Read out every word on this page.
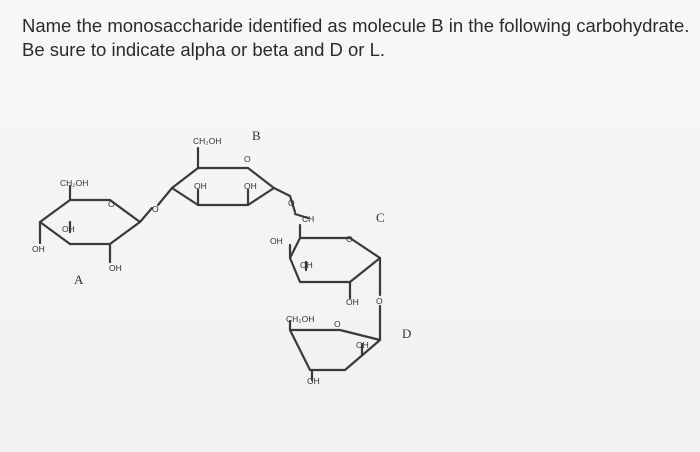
Name the monosaccharide identified as molecule B in the following carbohydrate.

Be sure to indicate alpha or beta and D or L.

CH₂OH
O
OH
OH
OH
A
O
CH₂OH B
O
OH	OH
O
CH
O
OH
OH
C
OH O
CH₂OH O
OH
OH
D
